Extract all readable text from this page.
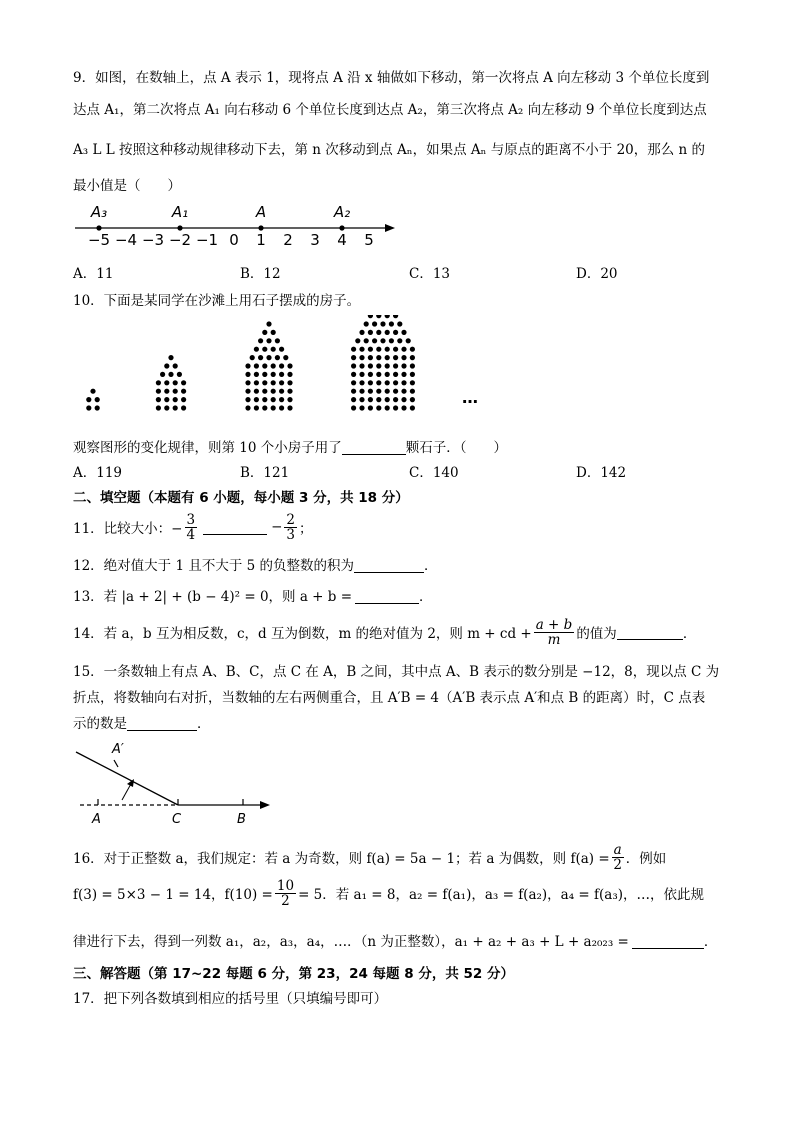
9．如图，在数轴上，点 A 表示 1，现将点 A 沿 x 轴做如下移动，第一次将点 A 向左移动 3 个单位长度到
达点 A₁，第二次将点 A₁ 向右移动 6 个单位长度到达点 A₂，第三次将点 A₂ 向左移动 9 个单位长度到达点
A₃ L L 按照这种移动规律移动下去，第 n 次移动到点 Aₙ，如果点 Aₙ 与原点的距离不小于 20，那么 n 的
最小值是（　　）
A₃	A₁	A	A₂
−5 −4 −3 −2 −1 0 1 2 3 4 5
A．11	B．12	C．13	D．20
10．下面是某同学在沙滩上用石子摆成的房子。
…
观察图形的变化规律，则第 10 个小房子用了	颗石子．（　　）
A．119	B．121	C．140	D．142
二、填空题（本题有 6 小题，每小题 3 分，共 18 分）
11．比较大小：− $\frac{3}{4}$	− $\frac{2}{3}$ ；
12．绝对值大于 1 且不大于 5 的负整数的积为	．
13．若 |a + 2| + (b − 4)² = 0，则 a + b =	．
14．若 a，b 互为相反数，c，d 互为倒数，m 的绝对值为 2，则 m + cd + $\frac{a + b}{m}$ 的值为	．
15．一条数轴上有点 A、B、C，点 C 在 A，B 之间，其中点 A、B 表示的数分别是 −12，8，现以点 C 为
折点，将数轴向右对折，当数轴的左右两侧重合，且 A′B = 4（A′B 表示点 A′和点 B 的距离）时，C 点表
示的数是	．
A′
A	C	B
16．对于正整数 a，我们规定：若 a 为奇数，则 f(a) = 5a − 1；若 a 为偶数，则 $f(a) = \frac{a}{2}$ ．例如
f(3) = 5×3 − 1 = 14，$f(10) = \frac{10}{2} = 5$．若 a₁ = 8，a₂ = f(a₁)，a₃ = f(a₂)，a₄ = f(a₃)，…，依此规
律进行下去，得到一列数 a₁，a₂，a₃，a₄，…．（n 为正整数），a₁ + a₂ + a₃ + L + a₂₀₂₃ =	．
三、解答题（第 17~22 每题 6 分，第 23，24 每题 8 分，共 52 分）
17．把下列各数填到相应的括号里（只填编号即可）
